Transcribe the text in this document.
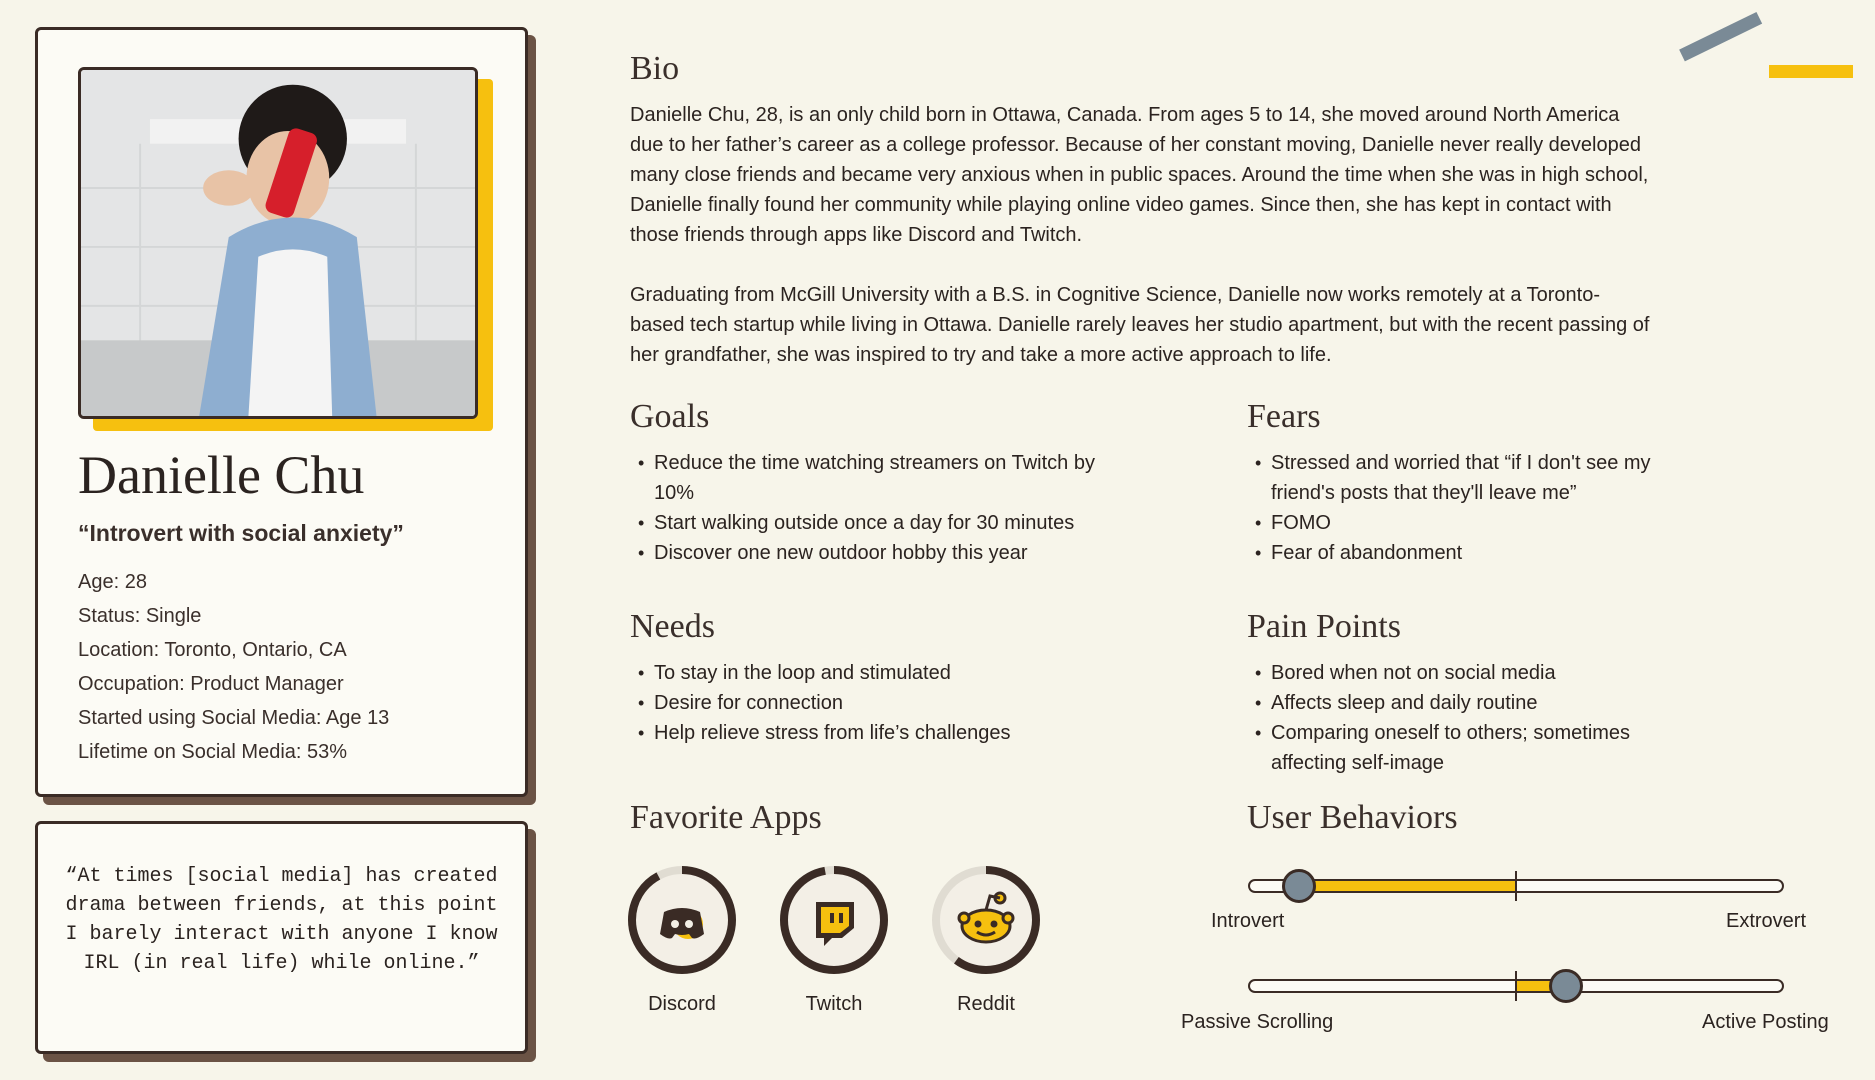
Danielle Chu
“Introvert with social anxiety”
Age: 28
Status: Single
Location: Toronto, Ontario, CA
Occupation: Product Manager
Started using Social Media: Age 13
Lifetime on Social Media: 53%

“At times [social media] has created drama between friends, at this point I barely interact with anyone I know IRL (in real life) while online.”

Bio

Danielle Chu, 28, is an only child born in Ottawa, Canada. From ages 5 to 14, she moved around North America due to her father’s career as a college professor. Because of her constant moving, Danielle never really developed many close friends and became very anxious when in public spaces. Around the time when she was in high school, Danielle finally found her community while playing online video games. Since then, she has kept in contact with those friends through apps like Discord and Twitch.

Graduating from McGill University with a B.S. in Cognitive Science, Danielle now works remotely at a Toronto-based tech startup while living in Ottawa. Danielle rarely leaves her studio apartment, but with the recent passing of her grandfather, she was inspired to try and take a more active approach to life.

Goals
• Reduce the time watching streamers on Twitch by 10%
• Start walking outside once a day for 30 minutes
• Discover one new outdoor hobby this year
Fears
• Stressed and worried that “if I don't see my friend's posts that they'll leave me”
• FOMO
• Fear of abandonment
Needs
• To stay in the loop and stimulated
• Desire for connection
• Help relieve stress from life’s challenges
Pain Points
• Bored when not on social media
• Affects sleep and daily routine
• Comparing oneself to others; sometimes affecting self-image
Favorite Apps
Discord	Twitch	Reddit
User Behaviors
Introvert	Extrovert
Passive Scrolling	Active Posting
